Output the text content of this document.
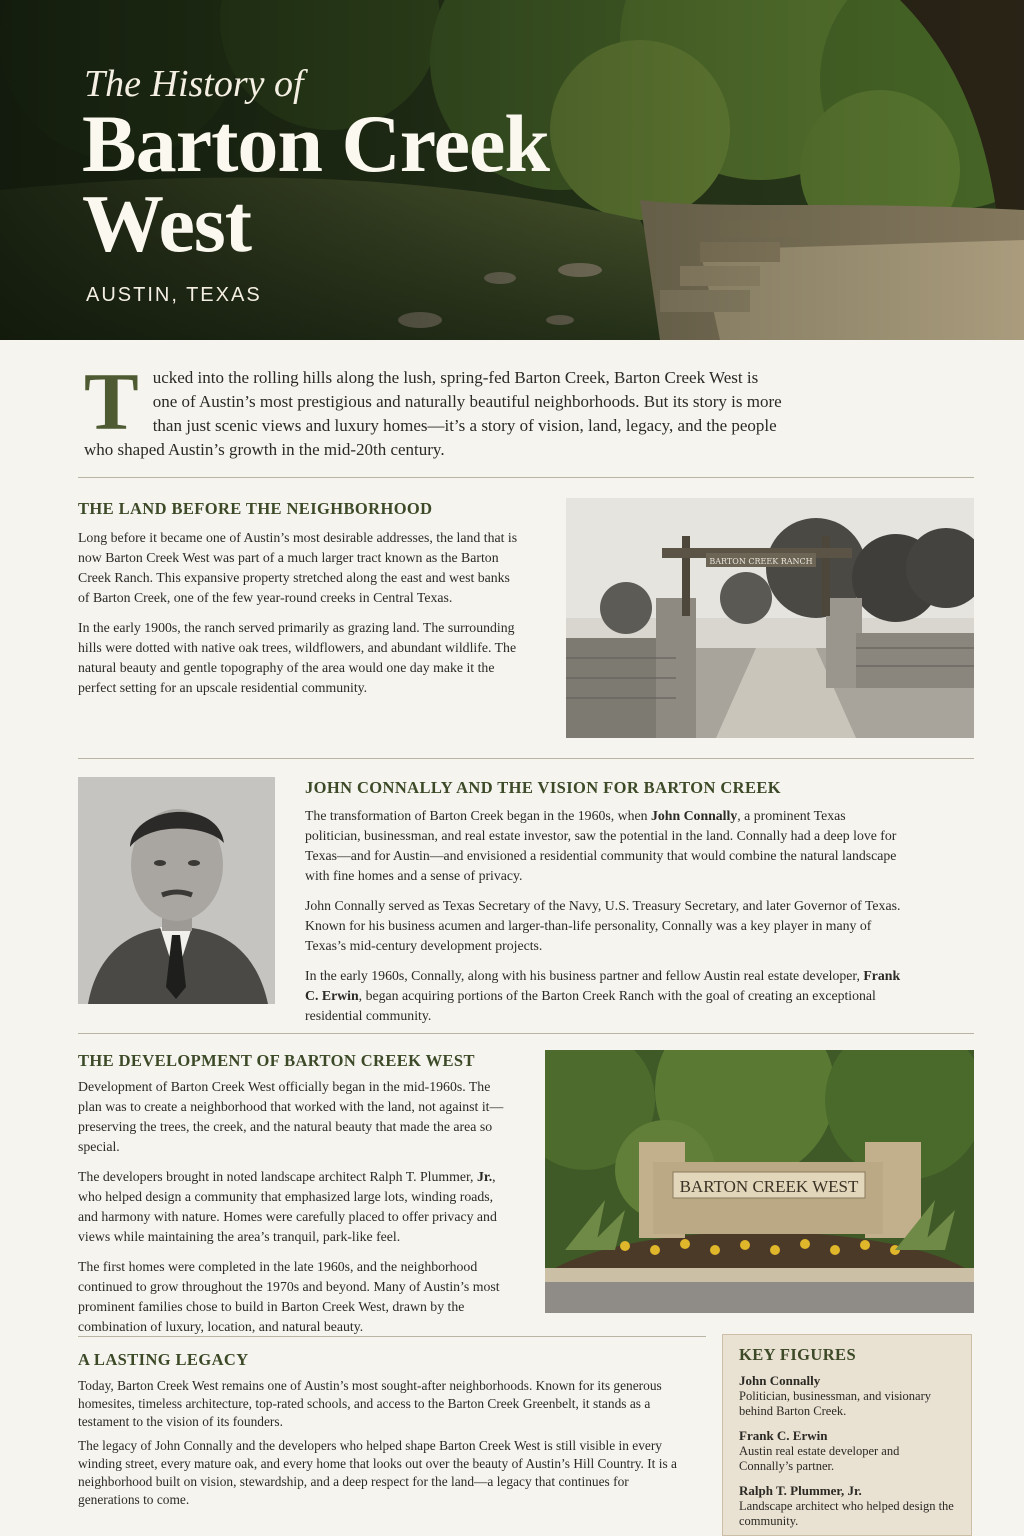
The History of
Barton Creek West
AUSTIN, TEXAS
T ucked into the rolling hills along the lush, spring-fed Barton Creek, Barton Creek West is one of Austin’s most prestigious and naturally beautiful neighborhoods. But its story is more than just scenic views and luxury homes—it’s a story of vision, land, legacy, and the people who shaped Austin’s growth in the mid-20th century.
THE LAND BEFORE THE NEIGHBORHOOD

Long before it became one of Austin’s most desirable addresses, the land that is now Barton Creek West was part of a much larger tract known as the Barton Creek Ranch. This expansive property stretched along the east and west banks of Barton Creek, one of the few year-round creeks in Central Texas.

In the early 1900s, the ranch served primarily as grazing land. The surrounding hills were dotted with native oak trees, wildflowers, and abundant wildlife. The natural beauty and gentle topography of the area would one day make it the perfect setting for an upscale residential community.

BARTON CREEK RANCH
JOHN CONNALLY AND THE VISION FOR BARTON CREEK

The transformation of Barton Creek began in the 1960s, when John Connally, a prominent Texas politician, businessman, and real estate investor, saw the potential in the land. Connally had a deep love for Texas—and for Austin—and envisioned a residential community that would combine the natural landscape with fine homes and a sense of privacy.

John Connally served as Texas Secretary of the Navy, U.S. Treasury Secretary, and later Governor of Texas. Known for his business acumen and larger-than-life personality, Connally was a key player in many of Texas’s mid-century development projects.

In the early 1960s, Connally, along with his business partner and fellow Austin real estate developer, Frank C. Erwin, began acquiring portions of the Barton Creek Ranch with the goal of creating an exceptional residential community.

THE DEVELOPMENT OF BARTON CREEK WEST

Development of Barton Creek West officially began in the mid-1960s. The plan was to create a neighborhood that worked with the land, not against it—preserving the trees, the creek, and the natural beauty that made the area so special.

The developers brought in noted landscape architect Ralph T. Plummer, Jr., who helped design a community that emphasized large lots, winding roads, and harmony with nature. Homes were carefully placed to offer privacy and views while maintaining the area’s tranquil, park-like feel.

The first homes were completed in the late 1960s, and the neighborhood continued to grow throughout the 1970s and beyond. Many of Austin’s most prominent families chose to build in Barton Creek West, drawn by the combination of luxury, location, and natural beauty.

BARTON CREEK WEST
A LASTING LEGACY

Today, Barton Creek West remains one of Austin’s most sought-after neighborhoods. Known for its generous homesites, timeless architecture, top-rated schools, and access to the Barton Creek Greenbelt, it stands as a testament to the vision of its founders.

The legacy of John Connally and the developers who helped shape Barton Creek West is still visible in every winding street, every mature oak, and every home that looks out over the beauty of Austin’s Hill Country. It is a neighborhood built on vision, stewardship, and a deep respect for the land—a legacy that continues for generations to come.

KEY FIGURES
John Connally
Politician, businessman, and visionary behind Barton Creek.
Frank C. Erwin
Austin real estate developer and Connally’s partner.
Ralph T. Plummer, Jr.
Landscape architect who helped design the community.
